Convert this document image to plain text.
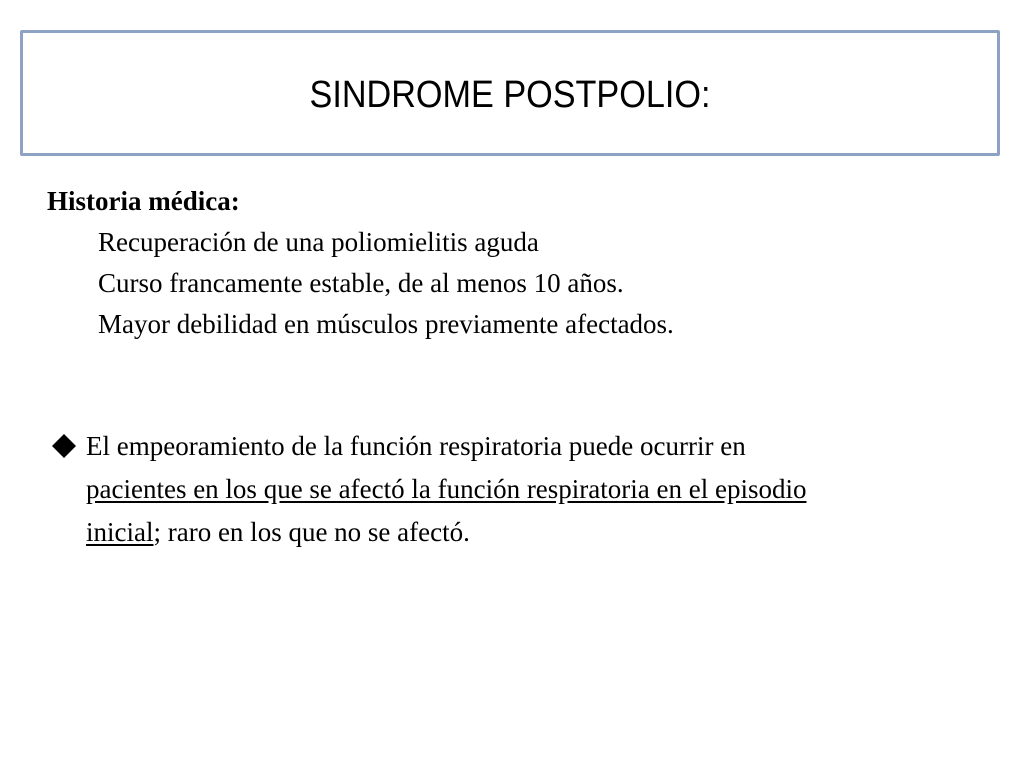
SINDROME POSTPOLIO:
Historia médica:
Recuperación de una poliomielitis aguda
Curso francamente estable, de al menos 10 años.
Mayor debilidad en músculos previamente afectados.
El empeoramiento de la función respiratoria puede ocurrir en
pacientes en los que se afectó la función respiratoria en el episodio
inicial; raro en los que no se afectó.
